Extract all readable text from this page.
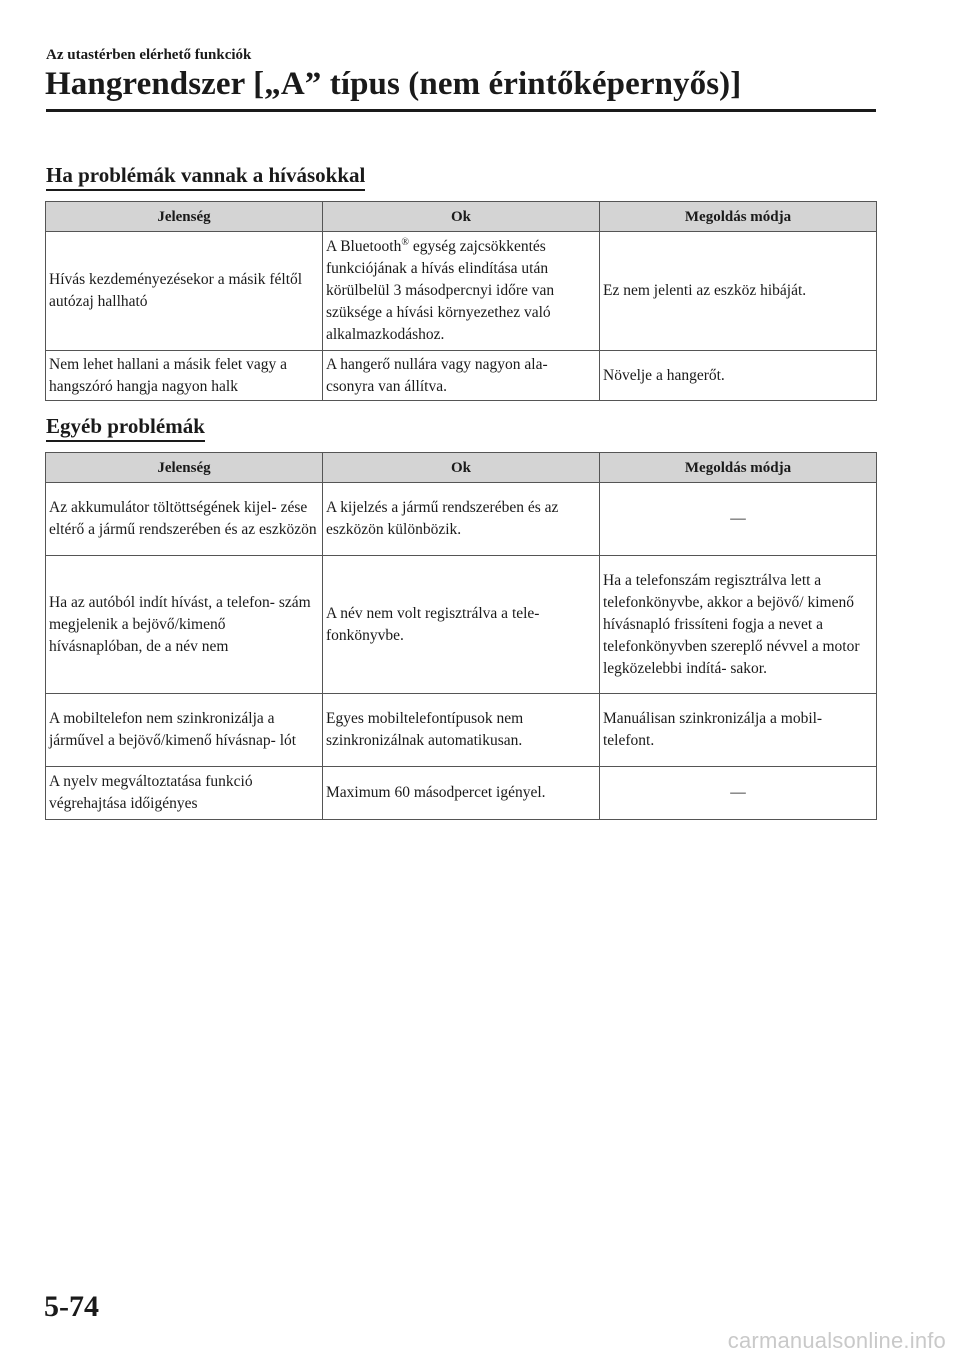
Az utastérben elérhető funkciók

Hangrendszer [„A” típus (nem érintőképernyős)]
Ha problémák vannak a hívásokkal
Jelenség	Ok	Megoldás módja
Hívás kezdeményezésekor a másik féltől autózaj hallható	A Bluetooth® egység zajcsökkentés funkciójának a hívás elindítása után körülbelül 3 másodpercnyi időre van szüksége a hívási környezethez való alkalmazkodáshoz.	Ez nem jelenti az eszköz hibáját.
Nem lehet hallani a másik felet vagy a hangszóró hangja nagyon halk	A hangerő nullára vagy nagyon ala- csonyra van állítva.	Növelje a hangerőt.
Egyéb problémák
Jelenség	Ok	Megoldás módja
Az akkumulátor töltöttségének kijel- zése eltérő a jármű rendszerében és az eszközön	A kijelzés a jármű rendszerében és az eszközön különbözik.	—
Ha az autóból indít hívást, a telefon- szám megjelenik a bejövő/kimenő hívásnaplóban, de a név nem	A név nem volt regisztrálva a tele- fonkönyvbe.	Ha a telefonszám regisztrálva lett a telefonkönyvbe, akkor a bejövő/ kimenő hívásnapló frissíteni fogja a nevet a telefonkönyvben szereplő névvel a motor legközelebbi indítá- sakor.
A mobiltelefon nem szinkronizálja a járművel a bejövő/kimenő hívásnap- lót	Egyes mobiltelefontípusok nem szinkronizálnak automatikusan.	Manuálisan szinkronizálja a mobil- telefont.
A nyelv megváltoztatása funkció végrehajtása időigényes	Maximum 60 másodpercet igényel.	—

5-74

carmanualsonline.info
